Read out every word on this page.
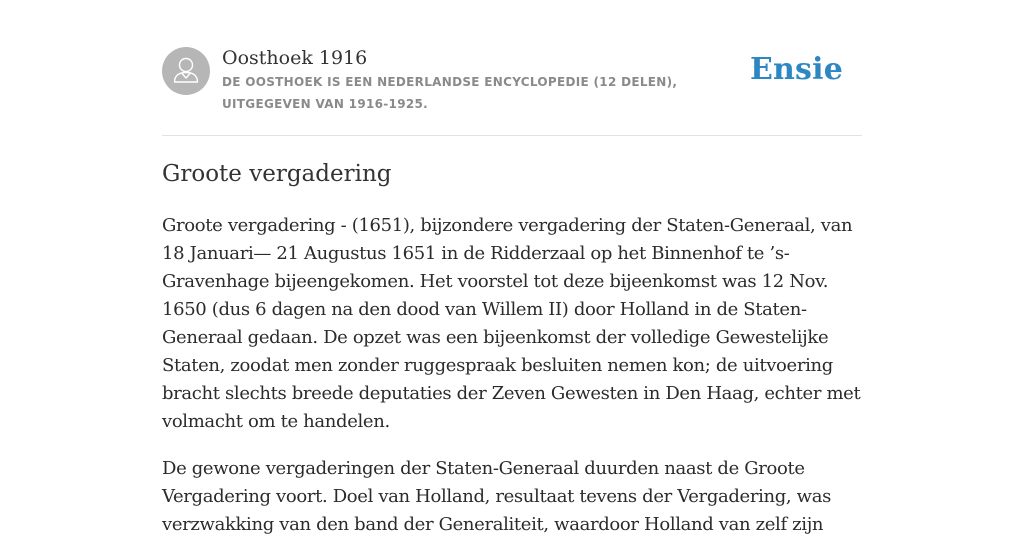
Oosthoek 1916

DE OOSTHOEK IS EEN NEDERLANDSE ENCYCLOPEDIE (12 DELEN), UITGEGEVEN VAN 1916-1925.

Ensie
Groote vergadering

Groote vergadering - (1651), bijzondere vergadering der Staten-Generaal, van 18 Januari— 21 Augustus 1651 in de Ridderzaal op het Binnenhof te ’s-Gravenhage bijeengekomen. Het voorstel tot deze bijeenkomst was 12 Nov. 1650 (dus 6 dagen na den dood van Willem II) door Holland in de Staten-Generaal gedaan. De opzet was een bijeenkomst der volledige Gewestelijke Staten, zoodat men zonder ruggespraak besluiten nemen kon; de uitvoering bracht slechts breede deputaties der Zeven Gewesten in Den Haag, echter met volmacht om te handelen.

De gewone vergaderingen der Staten-Generaal duurden naast de Groote Vergadering voort. Doel van Holland, resultaat tevens der Vergadering, was verzwakking van den band der Generaliteit, waardoor Holland van zelf zijn
